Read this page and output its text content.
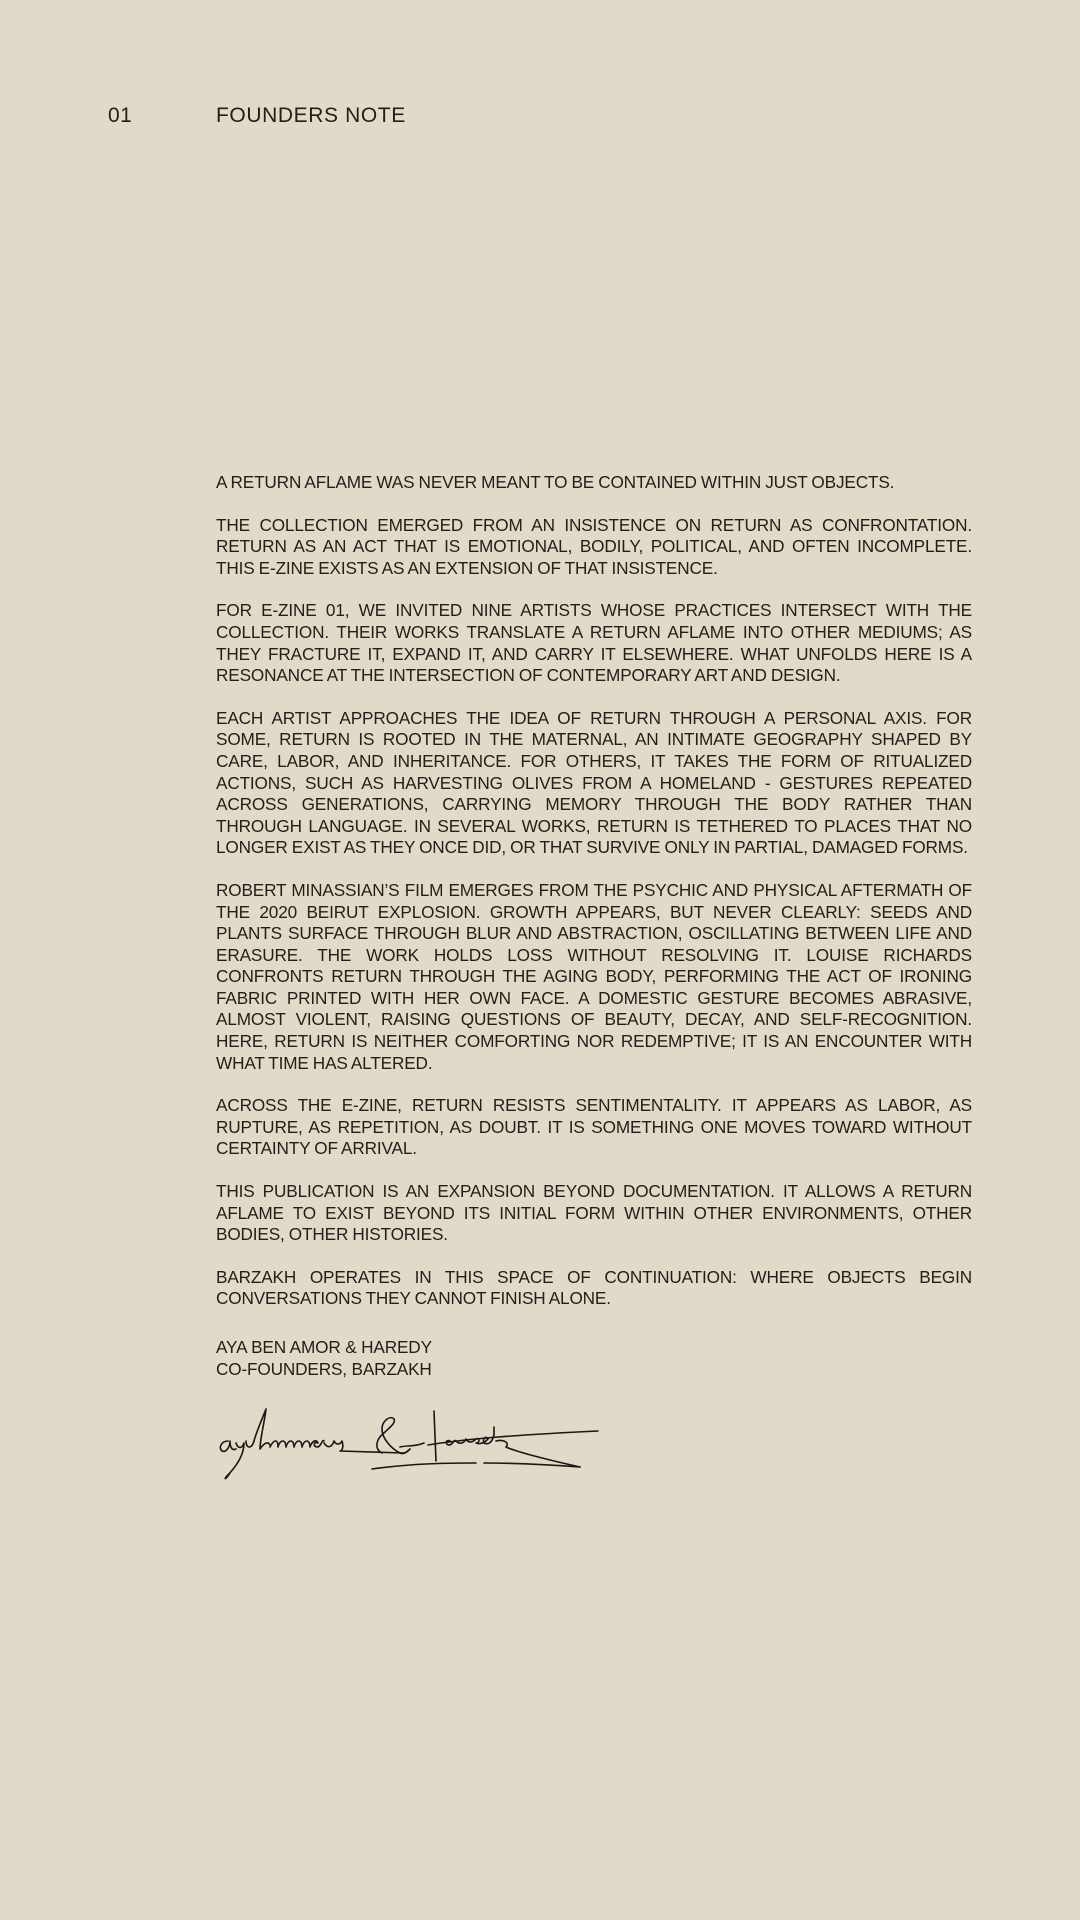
01	FOUNDERS NOTE

A RETURN AFLAME WAS NEVER MEANT TO BE CONTAINED WITHIN JUST OBJECTS.

THE COLLECTION EMERGED FROM AN INSISTENCE ON RETURN AS CONFRONTATION. RETURN AS AN ACT THAT IS EMOTIONAL, BODILY, POLITICAL, AND OFTEN INCOMPLETE. THIS E-ZINE EXISTS AS AN EXTENSION OF THAT INSISTENCE.

FOR E-ZINE 01, WE INVITED NINE ARTISTS WHOSE PRACTICES INTERSECT WITH THE COLLECTION. THEIR WORKS TRANSLATE A RETURN AFLAME INTO OTHER MEDIUMS; AS THEY FRACTURE IT, EXPAND IT, AND CARRY IT ELSEWHERE. WHAT UNFOLDS HERE IS A RESONANCE AT THE INTERSECTION OF CONTEMPORARY ART AND DESIGN.

EACH ARTIST APPROACHES THE IDEA OF RETURN THROUGH A PERSONAL AXIS. FOR SOME, RETURN IS ROOTED IN THE MATERNAL, AN INTIMATE GEOGRAPHY SHAPED BY CARE, LABOR, AND INHERITANCE. FOR OTHERS, IT TAKES THE FORM OF RITUALIZED ACTIONS, SUCH AS HARVESTING OLIVES FROM A HOMELAND - GESTURES REPEATED ACROSS GENERATIONS, CARRYING MEMORY THROUGH THE BODY RATHER THAN THROUGH LANGUAGE. IN SEVERAL WORKS, RETURN IS TETHERED TO PLACES THAT NO LONGER EXIST AS THEY ONCE DID, OR THAT SURVIVE ONLY IN PARTIAL, DAMAGED FORMS.

ROBERT MINASSIAN’S FILM EMERGES FROM THE PSYCHIC AND PHYSICAL AFTERMATH OF THE 2020 BEIRUT EXPLOSION. GROWTH APPEARS, BUT NEVER CLEARLY: SEEDS AND PLANTS SURFACE THROUGH BLUR AND ABSTRACTION, OSCILLATING BETWEEN LIFE AND ERASURE. THE WORK HOLDS LOSS WITHOUT RESOLVING IT. LOUISE RICHARDS CONFRONTS RETURN THROUGH THE AGING BODY, PERFORMING THE ACT OF IRONING FABRIC PRINTED WITH HER OWN FACE. A DOMESTIC GESTURE BECOMES ABRASIVE, ALMOST VIOLENT, RAISING QUESTIONS OF BEAUTY, DECAY, AND SELF-RECOGNITION. HERE, RETURN IS NEITHER COMFORTING NOR REDEMPTIVE; IT IS AN ENCOUNTER WITH WHAT TIME HAS ALTERED.

ACROSS THE E-ZINE, RETURN RESISTS SENTIMENTALITY. IT APPEARS AS LABOR, AS RUPTURE, AS REPETITION, AS DOUBT. IT IS SOMETHING ONE MOVES TOWARD WITHOUT CERTAINTY OF ARRIVAL.

THIS PUBLICATION IS AN EXPANSION BEYOND DOCUMENTATION. IT ALLOWS A RETURN AFLAME TO EXIST BEYOND ITS INITIAL FORM WITHIN OTHER ENVIRONMENTS, OTHER BODIES, OTHER HISTORIES.

BARZAKH OPERATES IN THIS SPACE OF CONTINUATION: WHERE OBJECTS BEGIN CONVERSATIONS THEY CANNOT FINISH ALONE.

AYA BEN AMOR & HAREDY
CO-FOUNDERS, BARZAKH
